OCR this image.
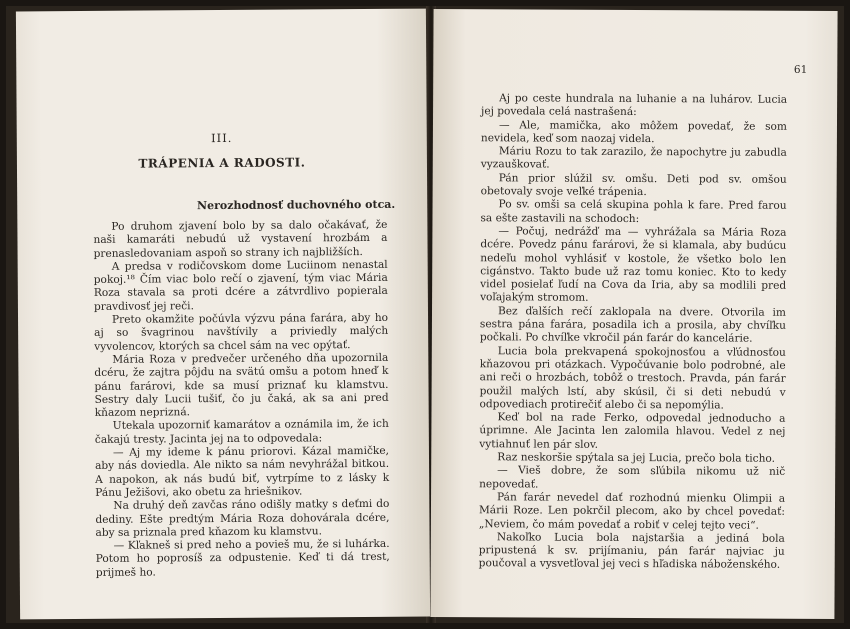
III.
TRÁPENIA A RADOSTI.
Nerozhodnosť duchovného otca.

Po druhom zjavení bolo by sa dalo očakávať, že naši kamaráti nebudú už vystavení hrozbám a prenasledovaniam aspoň so strany ich najbližších.

A predsa v rodičovskom dome Luciinom nenastal pokoj.¹⁸ Čím viac bolo rečí o zjavení, tým viac Mária Roza stavala sa proti dcére a zátvrdlivo popierala pravdivosť jej reči.

Preto okamžite počúvla výzvu pána farára, aby ho aj so švagrinou navštívily a priviedly malých vyvolencov, ktorých sa chcel sám na vec opýtať.

Mária Roza v predvečer určeného dňa upozornila dcéru, že zajtra pôjdu na svätú omšu a potom hneď k pánu farárovi, kde sa musí priznať ku klamstvu. Sestry daly Lucii tušiť, čo ju čaká, ak sa ani pred kňazom neprizná.

Utekala upozorniť kamarátov a oznámila im, že ich čakajú tresty. Jacinta jej na to odpovedala:

— Aj my ideme k pánu priorovi. Kázal mamičke, aby nás doviedla. Ale nikto sa nám nevyhrážal bitkou. A napokon, ak nás budú biť, vytrpíme to z lásky k Pánu Ježišovi, ako obetu za hriešnikov.

Na druhý deň zavčas ráno odišly matky s deťmi do dediny. Ešte predtým Mária Roza dohovárala dcére, aby sa priznala pred kňazom ku klamstvu.

— Kľakneš si pred neho a povieš mu, že si luhárka. Potom ho poprosíš za odpustenie. Keď ti dá trest, prijmeš ho.

61

Aj po ceste hundrala na luhanie a na luhárov. Lucia jej povedala celá nastrašená:

— Ale, mamička, ako môžem povedať, že som nevidela, keď som naozaj videla.

Máriu Rozu to tak zarazilo, že napochytre ju zabudla vyzauškovať.

Pán prior slúžil sv. omšu. Deti pod sv. omšou obetovaly svoje veľké trápenia.

Po sv. omši sa celá skupina pohla k fare. Pred farou sa ešte zastavili na schodoch:

— Počuj, nedrážď ma — vyhrážala sa Mária Roza dcére. Povedz pánu farárovi, že si klamala, aby budúcu nedeľu mohol vyhlásiť v kostole, že všetko bolo len cigánstvo. Takto bude už raz tomu koniec. Kto to kedy videl posielať ľudí na Cova da Iria, aby sa modlili pred voľajakým stromom.

Bez ďalších rečí zaklopala na dvere. Otvorila im sestra pána farára, posadila ich a prosila, aby chvíľku počkali. Po chvíľke vkročil pán farár do kancelárie.

Lucia bola prekvapená spokojnosťou a vľúdnosťou kňazovou pri otázkach. Vypočúvanie bolo podrobné, ale ani reči o hrozbách, tobôž o trestoch. Pravda, pán farár použil malých lstí, aby skúsil, či si deti nebudú v odpovediach protirečiť alebo či sa nepomýlia.

Keď bol na rade Ferko, odpovedal jednoducho a úprimne. Ale Jacinta len zalomila hlavou. Vedel z nej vytiahnuť len pár slov.

Raz neskoršie spýtala sa jej Lucia, prečo bola ticho.

— Vieš dobre, že som sľúbila nikomu už nič nepovedať.

Pán farár nevedel dať rozhodnú mienku Olimpii a Márii Roze. Len pokrčil plecom, ako by chcel povedať: „Neviem, čo mám povedať a robiť v celej tejto veci“.

Nakoľko Lucia bola najstaršia a jediná bola pripustená k sv. prijímaniu, pán farár najviac ju poučoval a vysvetľoval jej veci s hľadiska náboženského.
